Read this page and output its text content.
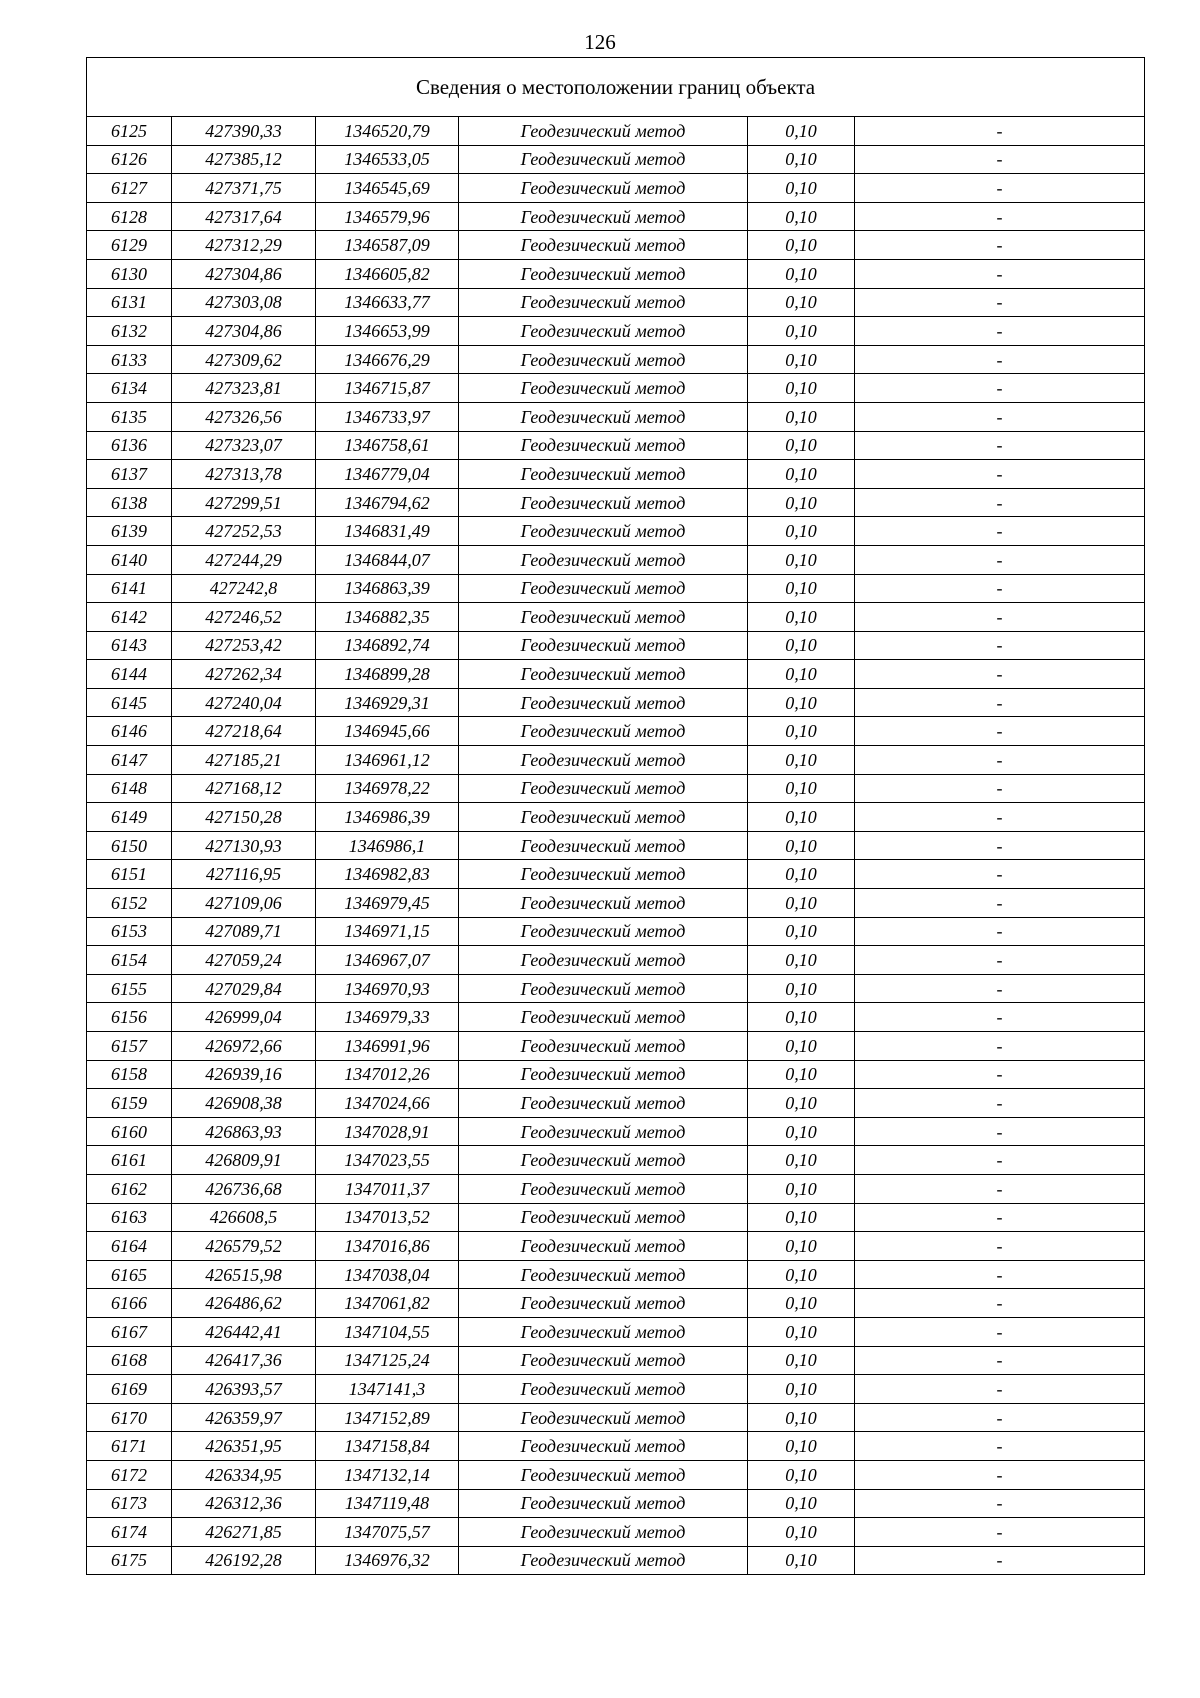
126
Сведения о местоположении границ объекта					
6125	427390,33	1346520,79	Геодезический метод	0,10	-
6126	427385,12	1346533,05	Геодезический метод	0,10	-
6127	427371,75	1346545,69	Геодезический метод	0,10	-
6128	427317,64	1346579,96	Геодезический метод	0,10	-
6129	427312,29	1346587,09	Геодезический метод	0,10	-
6130	427304,86	1346605,82	Геодезический метод	0,10	-
6131	427303,08	1346633,77	Геодезический метод	0,10	-
6132	427304,86	1346653,99	Геодезический метод	0,10	-
6133	427309,62	1346676,29	Геодезический метод	0,10	-
6134	427323,81	1346715,87	Геодезический метод	0,10	-
6135	427326,56	1346733,97	Геодезический метод	0,10	-
6136	427323,07	1346758,61	Геодезический метод	0,10	-
6137	427313,78	1346779,04	Геодезический метод	0,10	-
6138	427299,51	1346794,62	Геодезический метод	0,10	-
6139	427252,53	1346831,49	Геодезический метод	0,10	-
6140	427244,29	1346844,07	Геодезический метод	0,10	-
6141	427242,8	1346863,39	Геодезический метод	0,10	-
6142	427246,52	1346882,35	Геодезический метод	0,10	-
6143	427253,42	1346892,74	Геодезический метод	0,10	-
6144	427262,34	1346899,28	Геодезический метод	0,10	-
6145	427240,04	1346929,31	Геодезический метод	0,10	-
6146	427218,64	1346945,66	Геодезический метод	0,10	-
6147	427185,21	1346961,12	Геодезический метод	0,10	-
6148	427168,12	1346978,22	Геодезический метод	0,10	-
6149	427150,28	1346986,39	Геодезический метод	0,10	-
6150	427130,93	1346986,1	Геодезический метод	0,10	-
6151	427116,95	1346982,83	Геодезический метод	0,10	-
6152	427109,06	1346979,45	Геодезический метод	0,10	-
6153	427089,71	1346971,15	Геодезический метод	0,10	-
6154	427059,24	1346967,07	Геодезический метод	0,10	-
6155	427029,84	1346970,93	Геодезический метод	0,10	-
6156	426999,04	1346979,33	Геодезический метод	0,10	-
6157	426972,66	1346991,96	Геодезический метод	0,10	-
6158	426939,16	1347012,26	Геодезический метод	0,10	-
6159	426908,38	1347024,66	Геодезический метод	0,10	-
6160	426863,93	1347028,91	Геодезический метод	0,10	-
6161	426809,91	1347023,55	Геодезический метод	0,10	-
6162	426736,68	1347011,37	Геодезический метод	0,10	-
6163	426608,5	1347013,52	Геодезический метод	0,10	-
6164	426579,52	1347016,86	Геодезический метод	0,10	-
6165	426515,98	1347038,04	Геодезический метод	0,10	-
6166	426486,62	1347061,82	Геодезический метод	0,10	-
6167	426442,41	1347104,55	Геодезический метод	0,10	-
6168	426417,36	1347125,24	Геодезический метод	0,10	-
6169	426393,57	1347141,3	Геодезический метод	0,10	-
6170	426359,97	1347152,89	Геодезический метод	0,10	-
6171	426351,95	1347158,84	Геодезический метод	0,10	-
6172	426334,95	1347132,14	Геодезический метод	0,10	-
6173	426312,36	1347119,48	Геодезический метод	0,10	-
6174	426271,85	1347075,57	Геодезический метод	0,10	-
6175	426192,28	1346976,32	Геодезический метод	0,10	-
